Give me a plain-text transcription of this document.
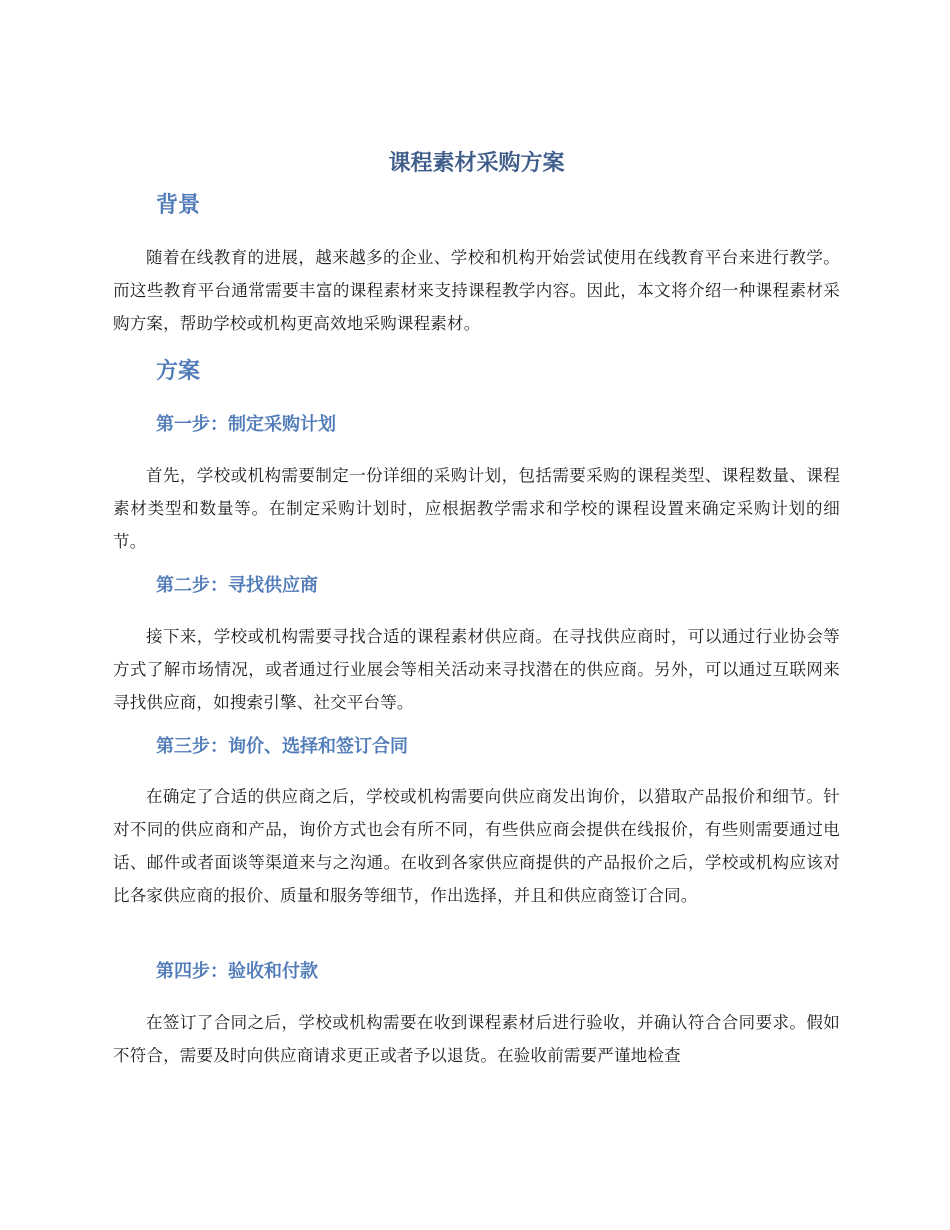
课程素材采购方案
背景

随着在线教育的进展，越来越多的企业、学校和机构开始尝试使用在线教育平台来进行教学。而这些教育平台通常需要丰富的课程素材来支持课程教学内容。因此，本文将介绍一种课程素材采购方案，帮助学校或机构更高效地采购课程素材。

方案
第一步：制定采购计划

首先，学校或机构需要制定一份详细的采购计划，包括需要采购的课程类型、课程数量、课程素材类型和数量等。在制定采购计划时，应根据教学需求和学校的课程设置来确定采购计划的细节。

第二步：寻找供应商

接下来，学校或机构需要寻找合适的课程素材供应商。在寻找供应商时，可以通过行业协会等方式了解市场情况，或者通过行业展会等相关活动来寻找潜在的供应商。另外，可以通过互联网来寻找供应商，如搜索引擎、社交平台等。

第三步：询价、选择和签订合同

在确定了合适的供应商之后，学校或机构需要向供应商发出询价，以猎取产品报价和细节。针对不同的供应商和产品，询价方式也会有所不同，有些供应商会提供在线报价，有些则需要通过电话、邮件或者面谈等渠道来与之沟通。在收到各家供应商提供的产品报价之后，学校或机构应该对比各家供应商的报价、质量和服务等细节，作出选择，并且和供应商签订合同。

第四步：验收和付款

在签订了合同之后，学校或机构需要在收到课程素材后进行验收，并确认符合合同要求。假如不符合，需要及时向供应商请求更正或者予以退货。在验收前需要严谨地检查
